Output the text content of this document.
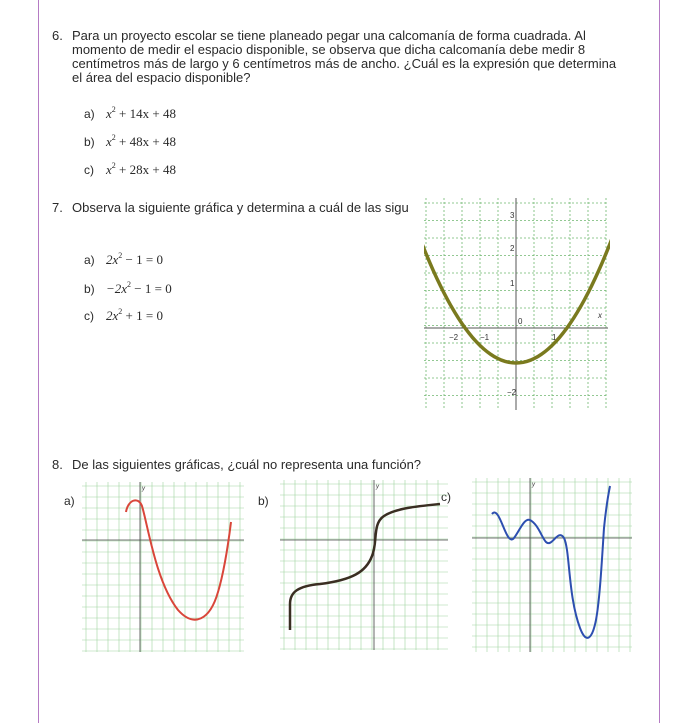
6. Para un proyecto escolar se tiene planeado pegar una calcomanía de forma cuadrada. Al
momento de medir el espacio disponible, se observa que dicha calcomanía debe medir 8
centímetros más de largo y 6 centímetros más de ancho. ¿Cuál es la expresión que determina
el área del espacio disponible?
a) $x^2 + 14x + 48$
b) $x^2 + 48x + 48$
c) $x^2 + 28x + 48$
7. Observa la siguiente gráfica y determina a cuál de las sigu
a) $2x^2 - 1 = 0$
$b) -2x^2 - 1 = 0$
c) $2x^2 + 1 = 0$
−2	−1
0
1
3
2
1
−2
x
8. De las siguientes gráficas, ¿cuál no representa una función?
a)	b)	c)
y	y	y
